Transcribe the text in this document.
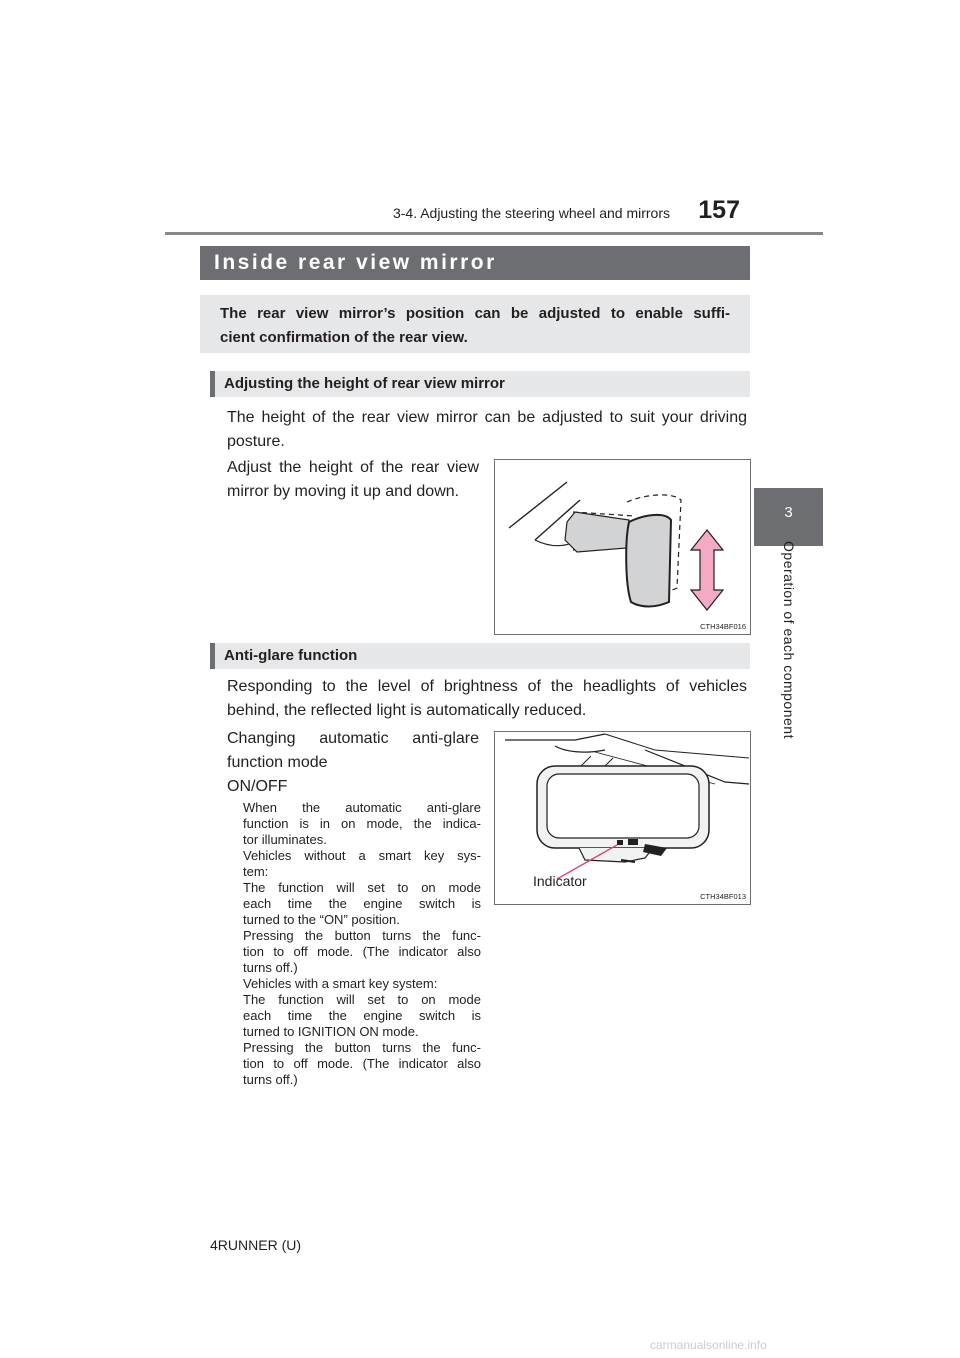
3-4. Adjusting the steering wheel and mirrors	157
3
Operation of each component
Inside rear view mirror
The rear view mirror’s position can be adjusted to enable suffi-
cient confirmation of the rear view.
Adjusting the height of rear view mirror
The height of the rear view mirror can be adjusted to suit your driving
posture.
Adjust the height of the rear view
mirror by moving it up and down.
CTH34BF016
Anti-glare function
Responding to the level of brightness of the headlights of vehicles
behind, the reflected light is automatically reduced.
Changing automatic anti-glare
function mode
ON/OFF
When the automatic anti-glare
function is in on mode, the indica-
tor illuminates.
Vehicles without a smart key sys-
tem:
The function will set to on mode
each time the engine switch is
turned to the “ON” position.
Pressing the button turns the func-
tion to off mode. (The indicator also
turns off.)
Vehicles with a smart key system:
The function will set to on mode
each time the engine switch is
turned to IGNITION ON mode.
Pressing the button turns the func-
tion to off mode. (The indicator also
turns off.)
Indicator
CTH34BF013
4RUNNER (U)
carmanualsonline.info
